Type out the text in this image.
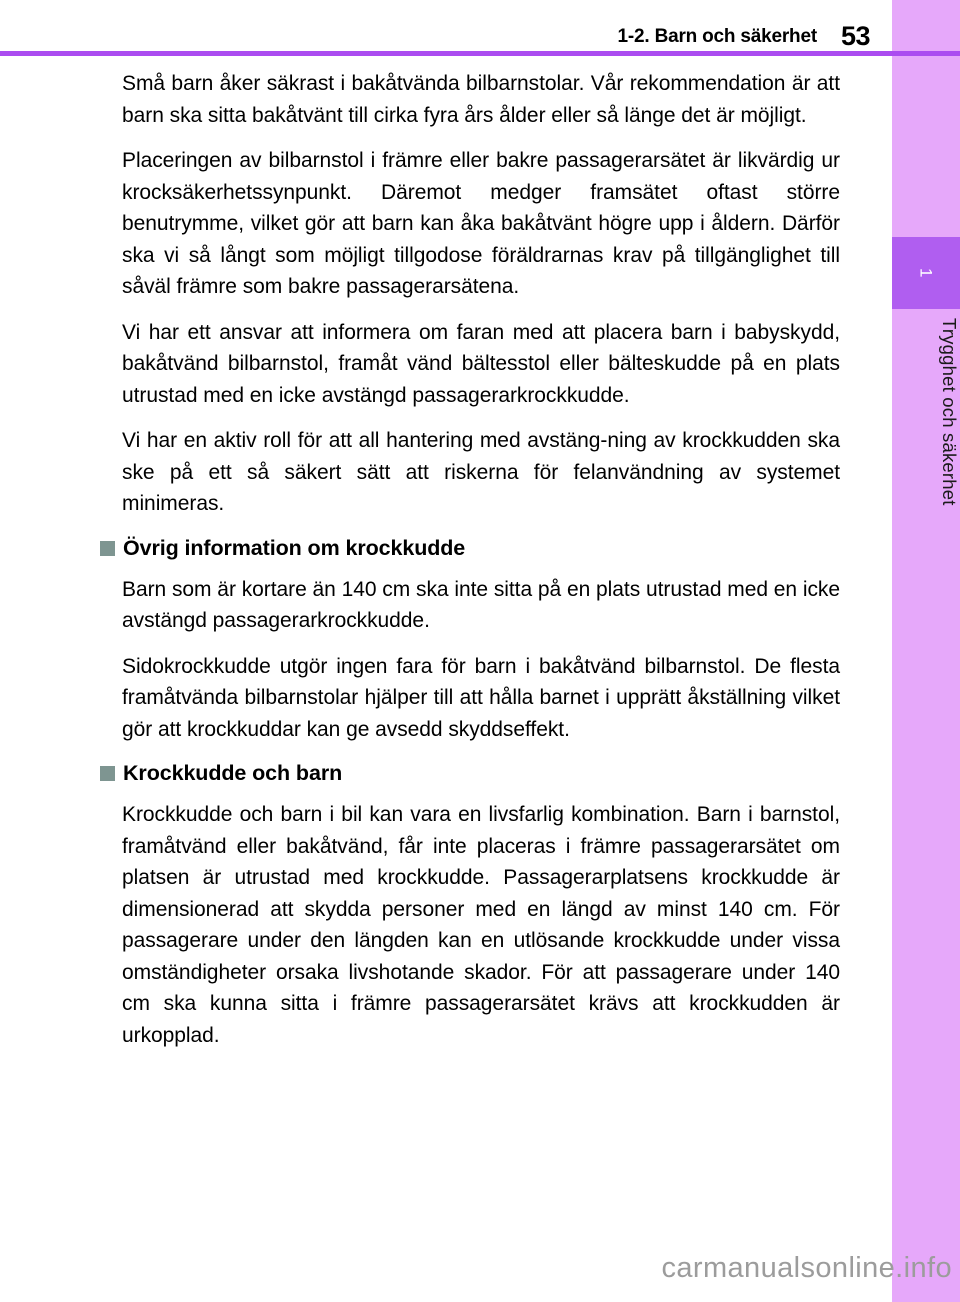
1
Trygghet och säkerhet
1-2. Barn och säkerhet 53

Små barn åker säkrast i bakåtvända bilbarnstolar. Vår rekommendation är att barn ska sitta bakåtvänt till cirka fyra års ålder eller så länge det är möjligt.

Placeringen av bilbarnstol i främre eller bakre passagerarsätet är likvärdig ur krocksäkerhetssynpunkt. Däremot medger framsätet oftast större benutrymme, vilket gör att barn kan åka bakåtvänt högre upp i åldern. Därför ska vi så långt som möjligt tillgodose föräldrarnas krav på tillgänglighet till såväl främre som bakre passagerarsätena.

Vi har ett ansvar att informera om faran med att placera barn i babyskydd, bakåtvänd bilbarnstol, framåt vänd bältesstol eller bälteskudde på en plats utrustad med en icke avstängd passagerarkrockkudde.

Vi har en aktiv roll för att all hantering med avstäng-ning av krockkudden ska ske på ett så säkert sätt att riskerna för felanvändning av systemet minimeras.

Övrig information om krockkudde

Barn som är kortare än 140 cm ska inte sitta på en plats utrustad med en icke avstängd passagerarkrockkudde.

Sidokrockkudde utgör ingen fara för barn i bakåtvänd bilbarnstol. De flesta framåtvända bilbarnstolar hjälper till att hålla barnet i upprätt åkställning vilket gör att krockkuddar kan ge avsedd skyddseffekt.

Krockkudde och barn

Krockkudde och barn i bil kan vara en livsfarlig kombination. Barn i barnstol, framåtvänd eller bakåtvänd, får inte placeras i främre passagerarsätet om platsen är utrustad med krockkudde. Passagerarplatsens krockkudde är dimensionerad att skydda personer med en längd av minst 140 cm. För passagerare under den längden kan en utlösande krockkudde under vissa omständigheter orsaka livshotande skador. För att passagerare under 140 cm ska kunna sitta i främre passagerarsätet krävs att krockkudden är urkopplad.

carmanualsonline.info
